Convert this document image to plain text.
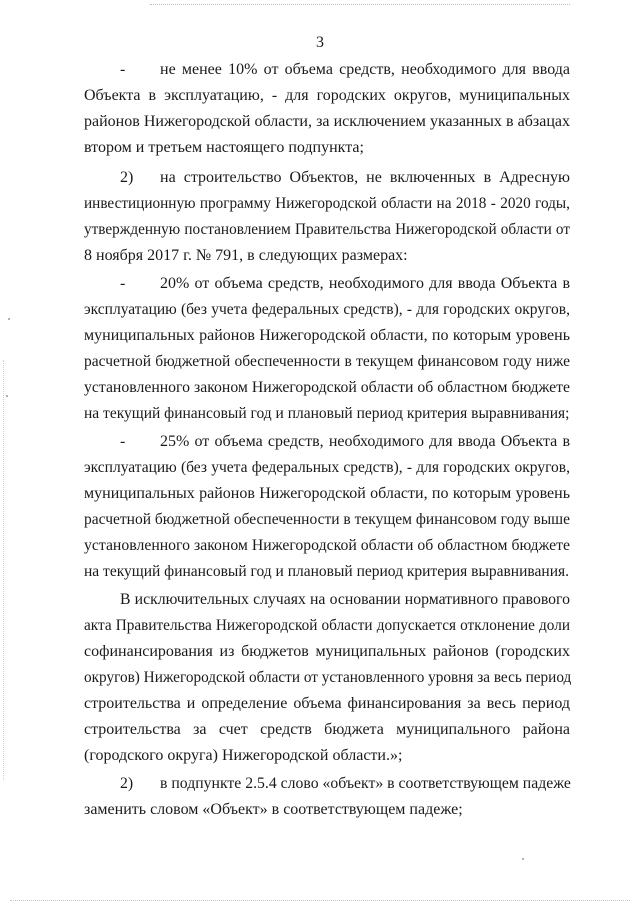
3
- не менее 10% от объема средств, необходимого для ввода
Объекта в эксплуатацию, - для городских округов, муниципальных
районов Нижегородской области, за исключением указанных в абзацах
втором и третьем настоящего подпункта;
2) на строительство Объектов, не включенных в Адресную
инвестиционную программу Нижегородской области на 2018 - 2020 годы,
утвержденную постановлением Правительства Нижегородской области от
8 ноября 2017 г. № 791, в следующих размерах:
- 20% от объема средств, необходимого для ввода Объекта в
эксплуатацию (без учета федеральных средств), - для городских округов,
муниципальных районов Нижегородской области, по которым уровень
расчетной бюджетной обеспеченности в текущем финансовом году ниже
установленного законом Нижегородской области об областном бюджете
на текущий финансовый год и плановый период критерия выравнивания;
- 25% от объема средств, необходимого для ввода Объекта в
эксплуатацию (без учета федеральных средств), - для городских округов,
муниципальных районов Нижегородской области, по которым уровень
расчетной бюджетной обеспеченности в текущем финансовом году выше
установленного законом Нижегородской области об областном бюджете
на текущий финансовый год и плановый период критерия выравнивания.
В исключительных случаях на основании нормативного правового
акта Правительства Нижегородской области допускается отклонение доли
софинансирования из бюджетов муниципальных районов (городских
округов) Нижегородской области от установленного уровня за весь период
строительства и определение объема финансирования за весь период
строительства за счет средств бюджета муниципального района
(городского округа) Нижегородской области.»;
2) в подпункте 2.5.4 слово «объект» в соответствующем падеже
заменить словом «Объект» в соответствующем падеже;
